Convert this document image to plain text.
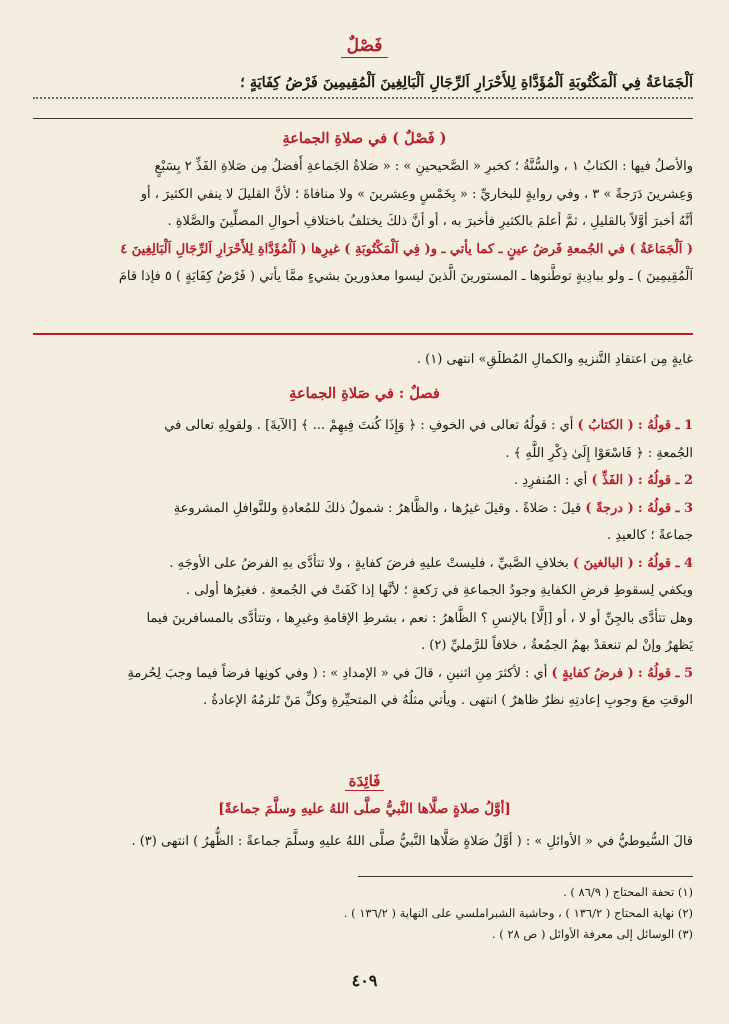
فَصْلٌ
اَلْجَمَاعَةُ فِي اَلْمَكْتُوبَةِ اَلْمُؤَدَّاةِ لِلأَحْرَارِ اَلرِّجَالِ اَلْبَالِغِينَ اَلْمُقِيمِينَ فَرْضُ كِفَايَةٍ ؛
( فَصْلٌ ) في صلاةِ الجماعةِ

والأصلُ فيها : الكتابُ ١ ، والسُّنَّةُ ؛ كخبرِ « الصَّحيحينِ » : « صَلاةُ الجَماعةِ أَفضلُ مِن صَلاةِ الفَذِّ ٢ بِسَبْعٍ

وَعِشرينَ دَرَجةً » ٣ ، وفي روايةٍ للبخاريِّ : « بِخَمْسٍ وعِشرينَ » ولا منافاةَ ؛ لأنَّ القليلَ لا ينفي الكثيرَ ، أو

أنَّهُ أخبرَ أوَّلاً بالقليلِ ، ثمَّ أعلمَ بالكثيرِ فأخبرَ به ، أو أنَّ ذلكَ يختلفُ باختلافِ أحوالِ المصلِّينَ والصَّلاةِ .

( اَلْجَمَاعَةُ ) في الجُمعةِ فَرضُ عينٍ ـ كما يأتي ـ و( فِي اَلْمَكْتُوبَةِ ) غيرِها ( اَلْمُؤَدَّاةِ لِلأَحْرَارِ اَلرِّجَالِ اَلْبَالِغِينَ ٤

اَلْمُقِيمِينَ ) ـ ولو ببادِيةٍ توطَّنوها ـ المستورينَ الَّذينَ ليسوا معذورينَ بشيءٍ ممَّا يأتي ( فَرْضُ كِفَايَةٍ ) ٥ فإذا قامَ

غايةٍ مِن اعتقادِ التَّنزيهِ والكمالِ المُطلَقِ» انتهى (١) .
فصلٌ : في صَلاةِ الجماعةِ

1 ـ قولُهُ : ( الكتابُ ) أي : قولُهُ تعالى في الخوفِ : ﴿ وَإِذَا كُنتَ فِيهِمْ ... ﴾ [الآيةَ] . ولقولِهِ تعالى في

الجُمعةِ : ﴿ فَاسْعَوْا إِلَىٰ ذِكْرِ اللَّهِ ﴾ .

2 ـ قولُهُ : ( الفَذِّ ) أي : المُنفرِدِ .

3 ـ قولُهُ : ( درجةً ) قيلَ : صَلاةً . وقيلَ غيرُها ، والظَّاهرُ : شمولُ ذلكَ للمُعادةِ وللنَّوافلِ المشروعةِ

جماعةً ؛ كالعيدِ .

4 ـ قولُهُ : ( البالغينَ ) بخلافِ الصَّبيِّ ، فليستْ عليهِ فرضَ كفايةٍ ، ولا تتأدَّى بهِ الفرضُ على الأوجَهِ .

ويكفي لِسقوطِ فرضِ الكفايةِ وجودُ الجماعةِ في رَكعةٍ ؛ لأنَّها إذا كَفَتْ في الجُمعةِ . فغيرُها أولى .

وهل تتأدَّى بالجِنِّ أو لا ، أو [إلَّا] بالإنسِ ؟ الظَّاهرُ : نعم ، بشرطِ الإقامةِ وغيرِها ، وتتأدَّى بالمسافرينَ فيما

يَظهرُ وإنْ لم تنعقدْ بهمُ الجمُعةُ ، خلافاً للرَّمليِّ (٢) .

5 ـ قولُهُ : ( فرضُ كفايةٍ ) أي : لأكثرَ مِنِ اثنينِ ، قالَ في « الإمدادِ » : ( وفي كونِها فرضاً فيما وجبَ لِحُرمةِ

الوقتِ معَ وجوبِ إعادتِهِ نظرٌ ظاهرٌ ) انتهى . ويأتي مثلُهُ في المتحيِّرةِ وكلِّ مَنْ تَلزمُهُ الإعادةُ .

فَائِدَة
[أوَّلُ صلاةٍ صلَّاها النَّبيُّ صلَّى اللهُ عليهِ وسلَّمَ جماعةً]
قالَ السُّيوطيُّ في « الأوائلِ » : ( أوَّلُ صَلاةٍ صَلَّاها النَّبيُّ صلَّى اللهُ عليهِ وسلَّمَ جماعةً : الظُّهرُ ) انتهى (٣) .
(١) تحفة المحتاج ( ٨٦/٩ ) .
(٢) نهاية المحتاج ( ١٣٦/٢ ) ، وحاشية الشبراملسي على النهاية ( ١٣٦/٢ ) .
(٣) الوسائل إلى معرفة الأوائل ( ص ٢٨ ) .
٤٠٩
